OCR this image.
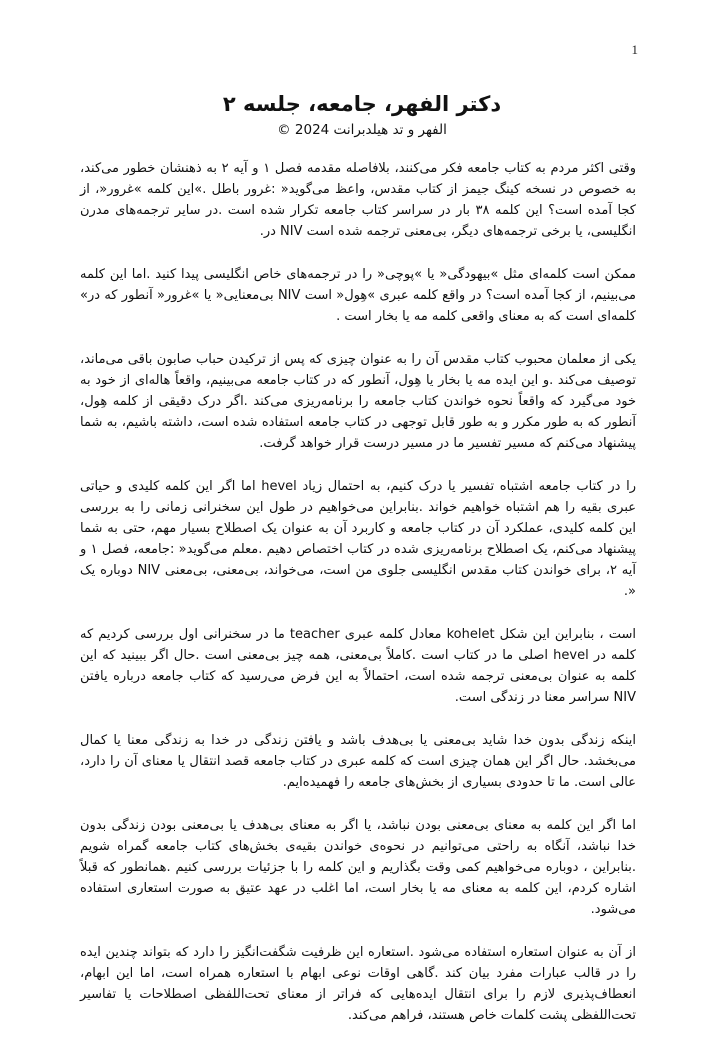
1
دکتر الفهر، جامعه، جلسه ۲
الفهر و تد هیلدبرانت 2024 ©

وقتی اکثر مردم به کتاب جامعه فکر می‌کنند، بلافاصله مقدمه فصل ۱ و آیه ۲ به ذهنشان خطور می‌کند، به خصوص در نسخه کینگ جیمز از کتاب مقدس، واعظ می‌گوید« :غرور باطل .»این کلمه »غرور«، از کجا آمده است؟ این کلمه ۳۸ بار در سراسر کتاب جامعه تکرار شده است .در سایر ترجمه‌های مدرن انگلیسی، یا برخی ترجمه‌های دیگر، بی‌معنی ترجمه شده است NIV در.

ممکن است کلمه‌ای مثل »بیهودگی« یا »پوچی« را در ترجمه‌های خاص انگلیسی پیدا کنید .اما این کلمه می‌بینیم، از کجا آمده است؟ در واقع کلمه عبری »هِول« است NIV بی‌معنایی« یا »غرور« آنطور که در» کلمه‌ای است که به معنای واقعی کلمه مه یا بخار است .

یکی از معلمان محبوب کتاب مقدس آن را به عنوان چیزی که پس از ترکیدن حباب صابون باقی می‌ماند، توصیف می‌کند .و این ایده مه یا بخار یا هِول، آنطور که در کتاب جامعه می‌بینیم، واقعاً هاله‌ای از خود به خود می‌گیرد که واقعاً نحوه خواندن کتاب جامعه را برنامه‌ریزی می‌کند .اگر درک دقیقی از کلمه هِول، آنطور که به طور مکرر و به طور قابل توجهی در کتاب جامعه استفاده شده است، داشته باشیم، به شما پیشنهاد می‌کنم که مسیر تفسیر ما در مسیر درست قرار خواهد گرفت.

را در کتاب جامعه اشتباه تفسیر یا درک کنیم، به احتمال زیاد hevel اما اگر این کلمه کلیدی و حیاتی عبری بقیه را هم اشتباه خواهیم خواند .بنابراین می‌خواهیم در طول این سخنرانی زمانی را به بررسی این کلمه کلیدی، عملکرد آن در کتاب جامعه و کاربرد آن به عنوان یک اصطلاح بسیار مهم، حتی به شما پیشنهاد می‌کنم، یک اصطلاح برنامه‌ریزی شده در کتاب اختصاص دهیم .معلم می‌گوید« :جامعه، فصل ۱ و آیه ۲، برای خواندن کتاب مقدس انگلیسی جلوی من است، می‌خواند، بی‌معنی، بی‌معنی NIV دوباره یک «.

است ، بنابراین این شکل kohelet معادل کلمه عبری teacher ما در سخنرانی اول بررسی کردیم که کلمه در hevel اصلی ما در کتاب است .کاملاً بی‌معنی، همه چیز بی‌معنی است .حال اگر ببینید که این کلمه به عنوان بی‌معنی ترجمه شده است، احتمالاً به این فرض می‌رسید که کتاب جامعه درباره یافتن NIV سراسر معنا در زندگی است.

اینکه زندگی بدون خدا شاید بی‌معنی یا بی‌هدف باشد و یافتن زندگی در خدا به زندگی معنا یا کمال می‌بخشد. حال اگر این همان چیزی است که کلمه عبری در کتاب جامعه قصد انتقال یا معنای آن را دارد، عالی است. ما تا حدودی بسیاری از بخش‌های جامعه را فهمیده‌ایم.

اما اگر این کلمه به معنای بی‌معنی بودن نباشد، یا اگر به معنای بی‌هدف یا بی‌معنی بودن زندگی بدون خدا نباشد، آنگاه به راحتی می‌توانیم در نحوه‌ی خواندن بقیه‌ی بخش‌های کتاب جامعه گمراه شویم .بنابراین ، دوباره می‌خواهیم کمی وقت بگذاریم و این کلمه را با جزئیات بررسی کنیم .همانطور که قبلاً اشاره کردم، این کلمه به معنای مه یا بخار است، اما اغلب در عهد عتیق به صورت استعاری استفاده می‌شود.

از آن به عنوان استعاره استفاده می‌شود .استعاره این ظرفیت شگفت‌انگیز را دارد که بتواند چندین ایده را در قالب عبارات مفرد بیان کند .گاهی اوقات نوعی ابهام با استعاره همراه است، اما این ابهام، انعطاف‌پذیری لازم را برای انتقال ایده‌هایی که فراتر از معنای تحت‌اللفظی اصطلاحات یا تفاسیر تحت‌اللفظی پشت کلمات خاص هستند، فراهم می‌کند.
